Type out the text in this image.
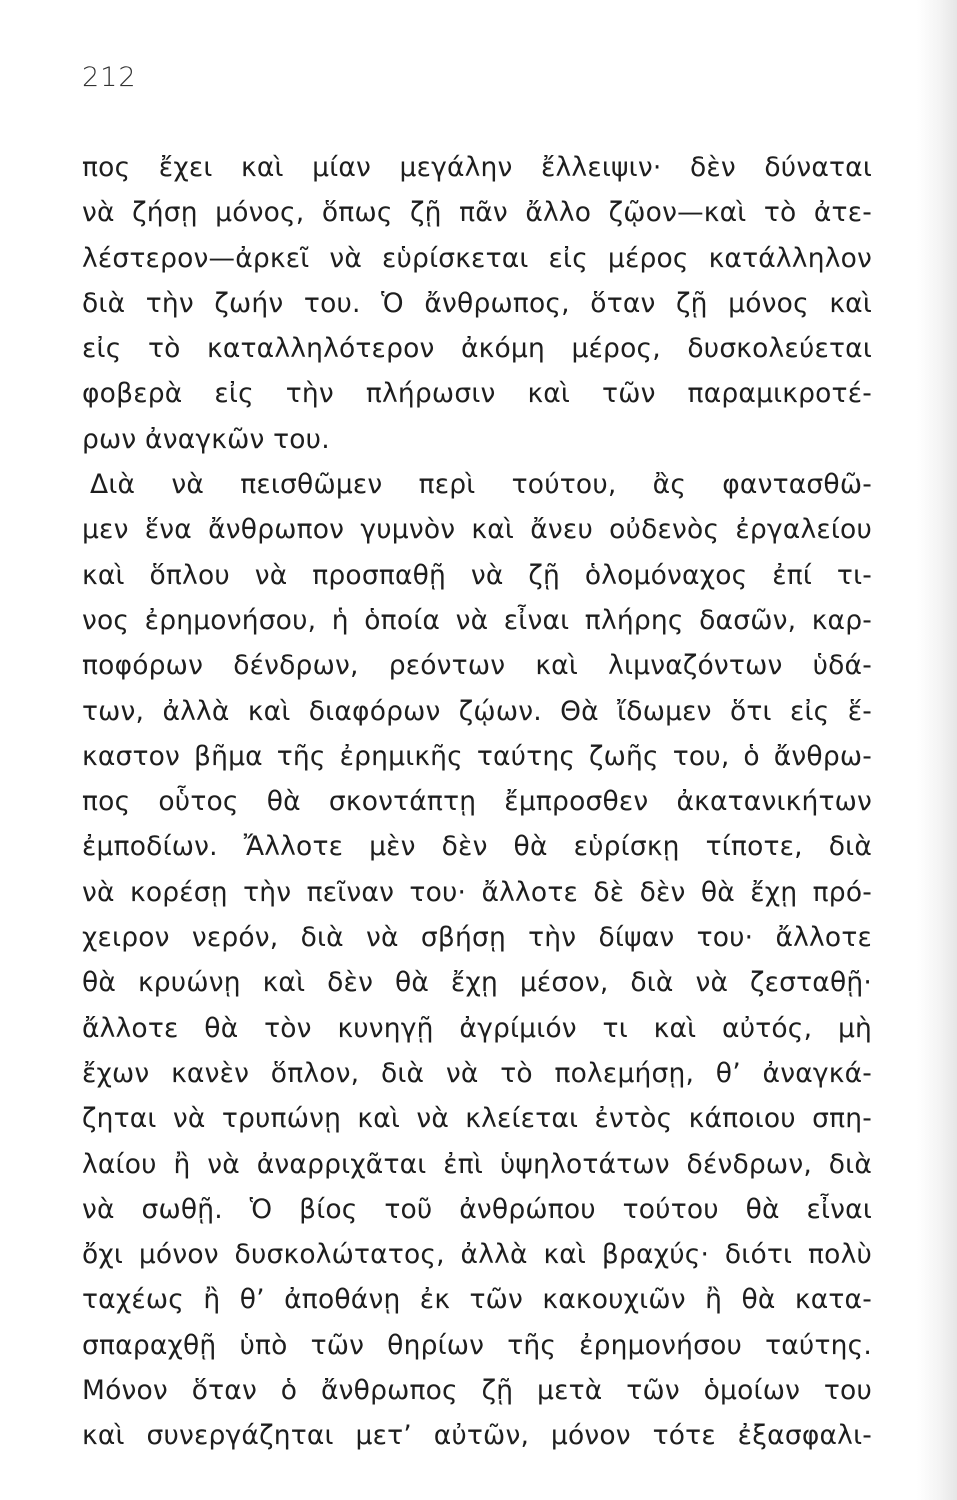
212
πος ἔχει καὶ μίαν μεγάλην ἔλλειψιν· δὲν δύναται
νὰ ζήσῃ μόνος, ὅπως ζῇ πᾶν ἄλλο ζῷον—καὶ τὸ ἀτε-
λέστερον—ἀρκεῖ νὰ εὑρίσκεται εἰς μέρος κατάλληλον
διὰ τὴν ζωήν του. Ὁ ἄνθρωπος, ὅταν ζῇ μόνος καὶ
εἰς τὸ καταλληλότερον ἀκόμη μέρος, δυσκολεύεται
φοβερὰ εἰς τὴν πλήρωσιν καὶ τῶν παραμικροτέ-
ρων ἀναγκῶν του.
Διὰ νὰ πεισθῶμεν περὶ τούτου, ἂς φαντασθῶ-
μεν ἕνα ἄνθρωπον γυμνὸν καὶ ἄνευ οὐδενὸς ἐργαλείου
καὶ ὅπλου νὰ προσπαθῇ νὰ ζῇ ὁλομόναχος ἐπί τι-
νος ἐρημονήσου, ἡ ὁποία νὰ εἶναι πλήρης δασῶν, καρ-
ποφόρων δένδρων, ρεόντων καὶ λιμναζόντων ὑδά-
των, ἀλλὰ καὶ διαφόρων ζῴων. Θὰ ἴδωμεν ὅτι εἰς ἕ-
καστον βῆμα τῆς ἐρημικῆς ταύτης ζωῆς του, ὁ ἄνθρω-
πος οὗτος θὰ σκοντάπτῃ ἔμπροσθεν ἀκατανικήτων
ἐμποδίων. Ἄλλοτε μὲν δὲν θὰ εὑρίσκῃ τίποτε, διὰ
νὰ κορέσῃ τὴν πεῖναν του· ἄλλοτε δὲ δὲν θὰ ἔχῃ πρό-
χειρον νερόν, διὰ νὰ σβήσῃ τὴν δίψαν του· ἄλλοτε
θὰ κρυώνῃ καὶ δὲν θὰ ἔχῃ μέσον, διὰ νὰ ζεσταθῇ·
ἄλλοτε θὰ τὸν κυνηγῇ ἀγρίμιόν τι καὶ αὐτός, μὴ
ἔχων κανὲν ὅπλον, διὰ νὰ τὸ πολεμήσῃ, θ’ ἀναγκά-
ζηται νὰ τρυπώνῃ καὶ νὰ κλείεται ἐντὸς κάποιου σπη-
λαίου ἢ νὰ ἀναρριχᾶται ἐπὶ ὑψηλοτάτων δένδρων, διὰ
νὰ σωθῇ. Ὁ βίος τοῦ ἀνθρώπου τούτου θὰ εἶναι
ὄχι μόνον δυσκολώτατος, ἀλλὰ καὶ βραχύς· διότι πολὺ
ταχέως ἢ θ’ ἀποθάνῃ ἐκ τῶν κακουχιῶν ἢ θὰ κατα-
σπαραχθῇ ὑπὸ τῶν θηρίων τῆς ἐρημονήσου ταύτης.
Μόνον ὅταν ὁ ἄνθρωπος ζῇ μετὰ τῶν ὁμοίων του
καὶ συνεργάζηται μετ’ αὐτῶν, μόνον τότε ἐξασφαλι-
